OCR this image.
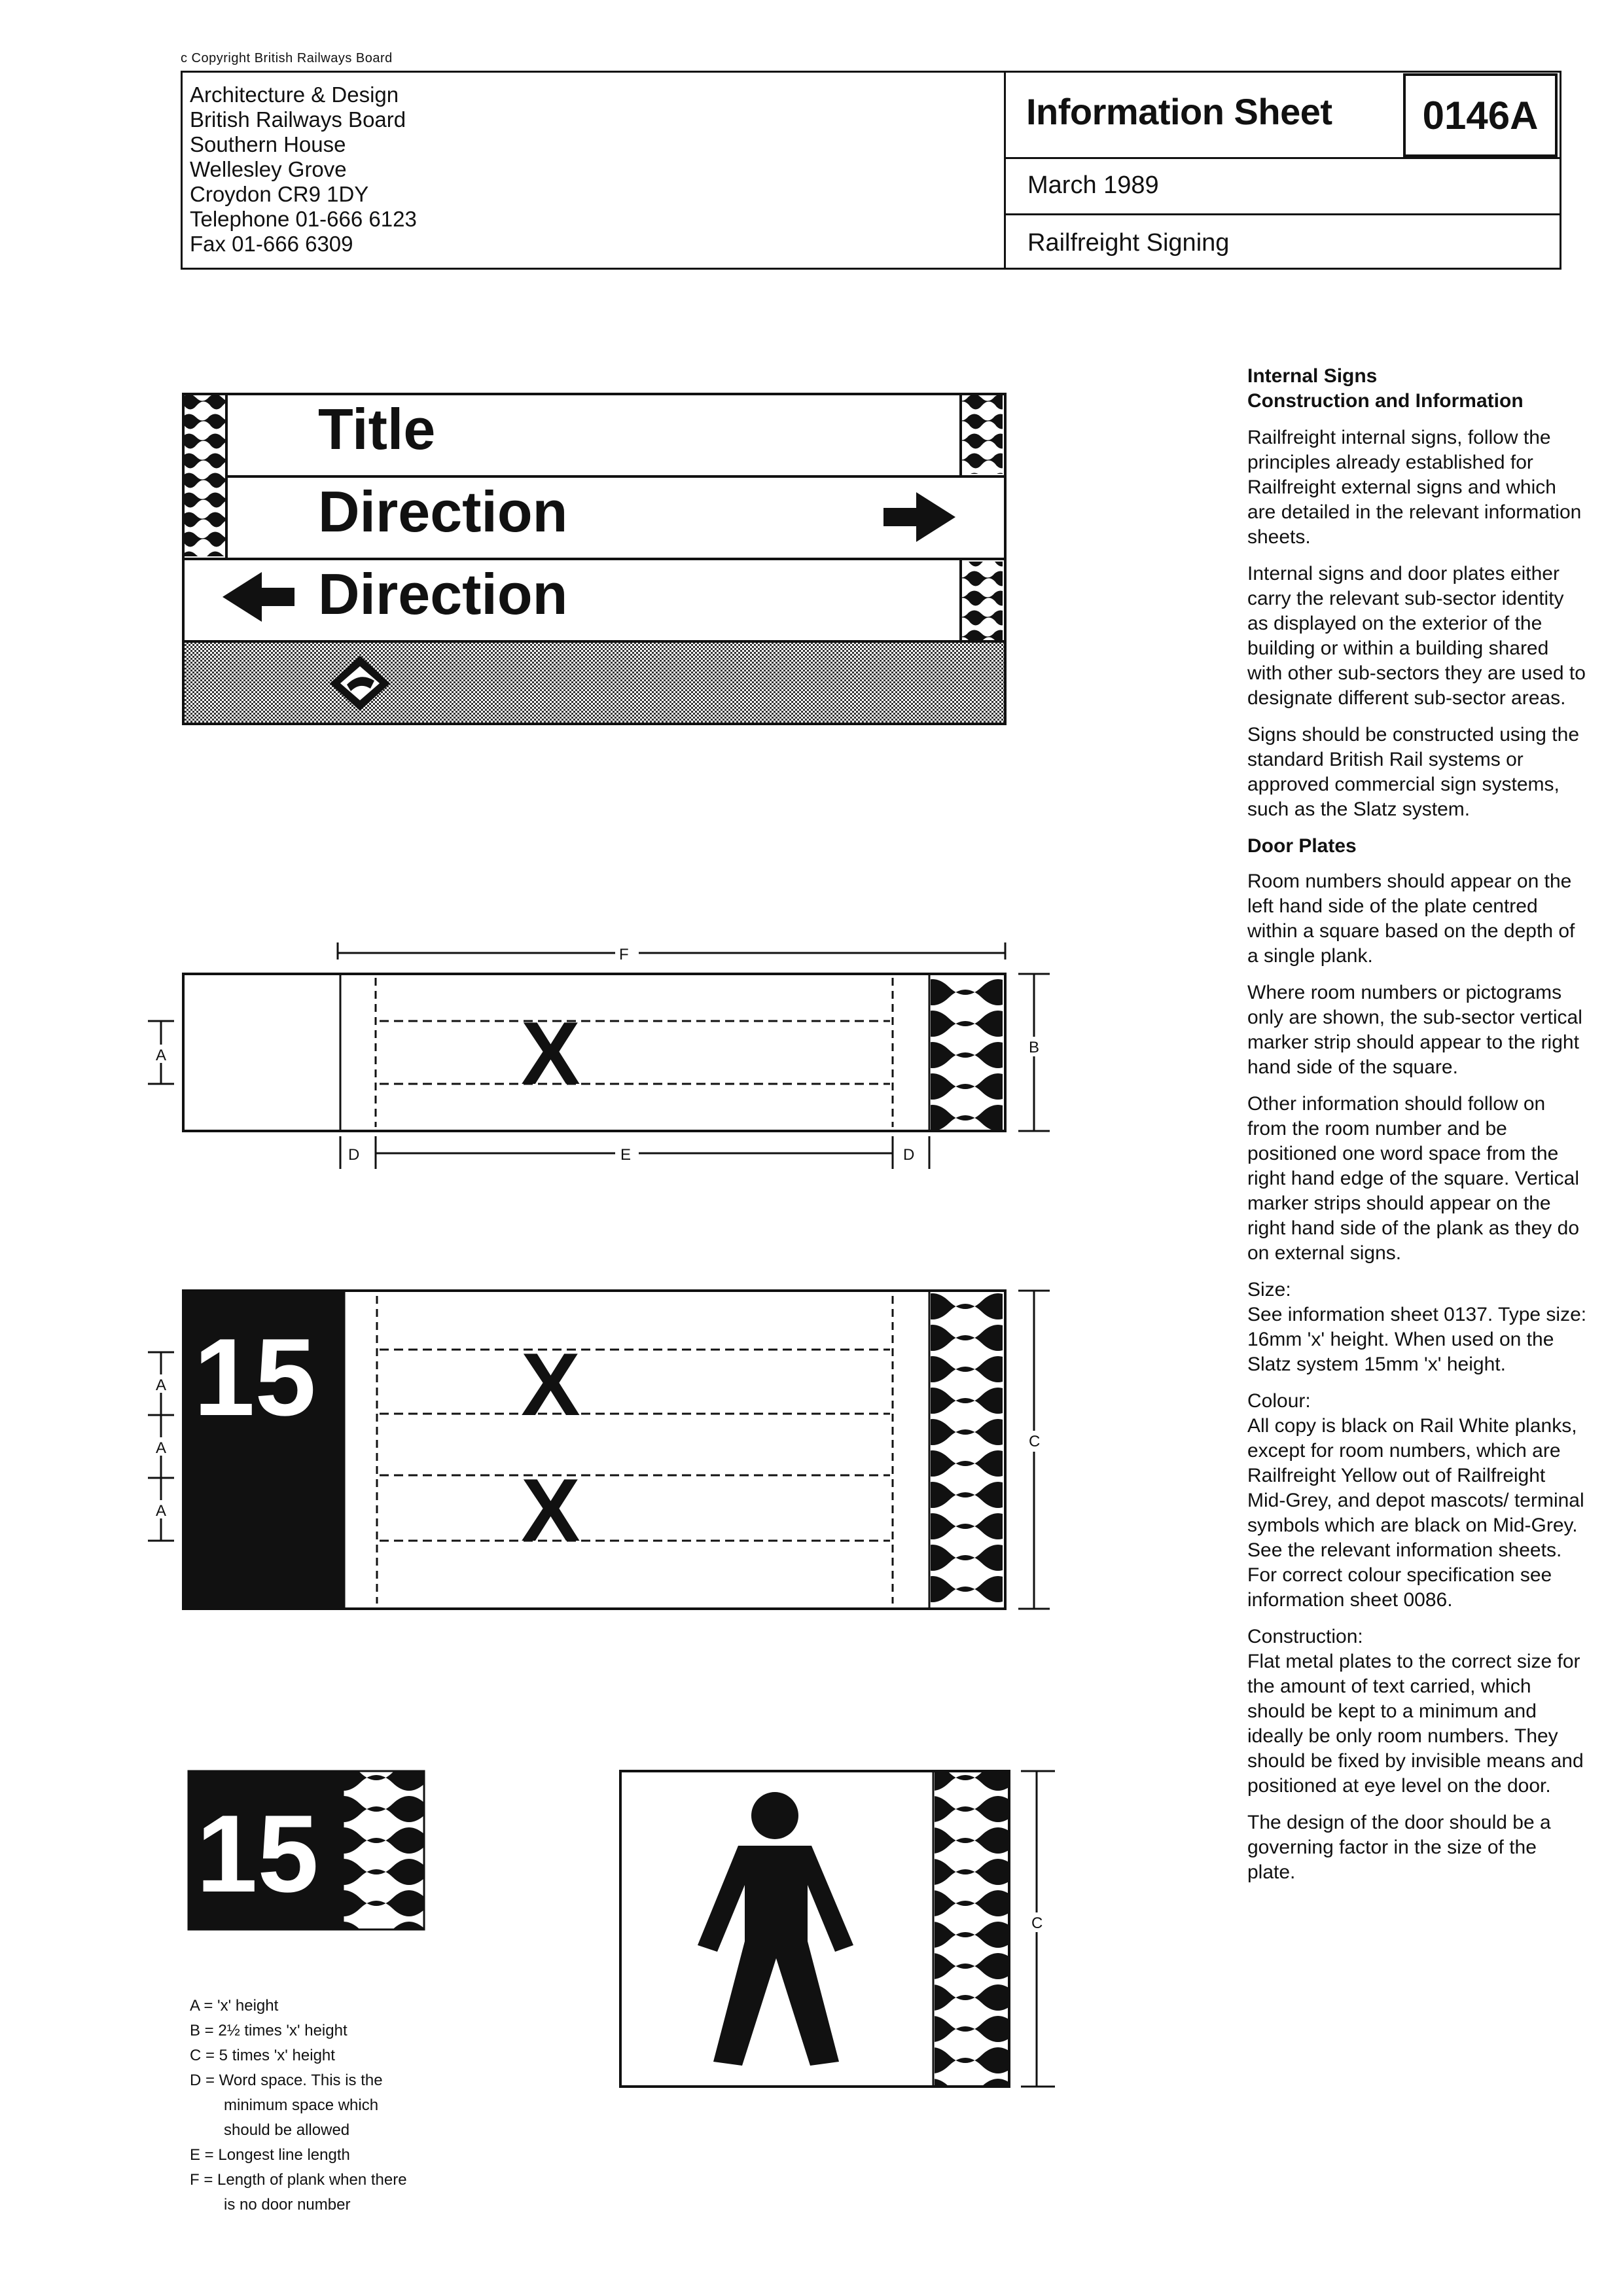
c Copyright British Railways Board
Architecture & Design
British Railways Board
Southern House
Wellesley Grove
Croydon CR9 1DY
Telephone 01-666 6123
Fax 01-666 6309
Information Sheet	0146A
March 1989
Railfreight Signing
Title
Direction
Direction
F
X
A	B
D	D
E
15 X
X
A
A
A
C
15
C
A = 'x' height
B = 2½ times 'x' height
C = 5 times 'x' height
D = Word space. This is the
minimum space which
should be allowed
E = Longest line length
F = Length of plank when there
is no door number
Internal Signs
Construction and Information

Railfreight internal signs, follow the principles already established for Railfreight external signs and which are detailed in the relevant information sheets.

Internal signs and door plates either carry the relevant sub-sector identity as displayed on the exterior of the building or within a building shared with other sub-sectors they are used to designate different sub-sector areas.

Signs should be constructed using the standard British Rail systems or approved commercial sign systems, such as the Slatz system.

Door Plates

Room numbers should appear on the left hand side of the plate centred within a square based on the depth of a single plank.

Where room numbers or pictograms only are shown, the sub-sector vertical marker strip should appear to the right hand side of the square.

Other information should follow on from the room number and be positioned one word space from the right hand edge of the square. Vertical marker strips should appear on the right hand side of the plank as they do on external signs.

Size:
See information sheet 0137. Type size: 16mm 'x' height. When used on the Slatz system 15mm 'x' height.

Colour:
All copy is black on Rail White planks, except for room numbers, which are Railfreight Yellow out of Railfreight Mid-Grey, and depot mascots/ terminal symbols which are black on Mid-Grey. See the relevant information sheets. For correct colour specification see information sheet 0086.

Construction:
Flat metal plates to the correct size for the amount of text carried, which should be kept to a minimum and ideally be only room numbers. They should be fixed by invisible means and positioned at eye level on the door.

The design of the door should be a governing factor in the size of the plate.
